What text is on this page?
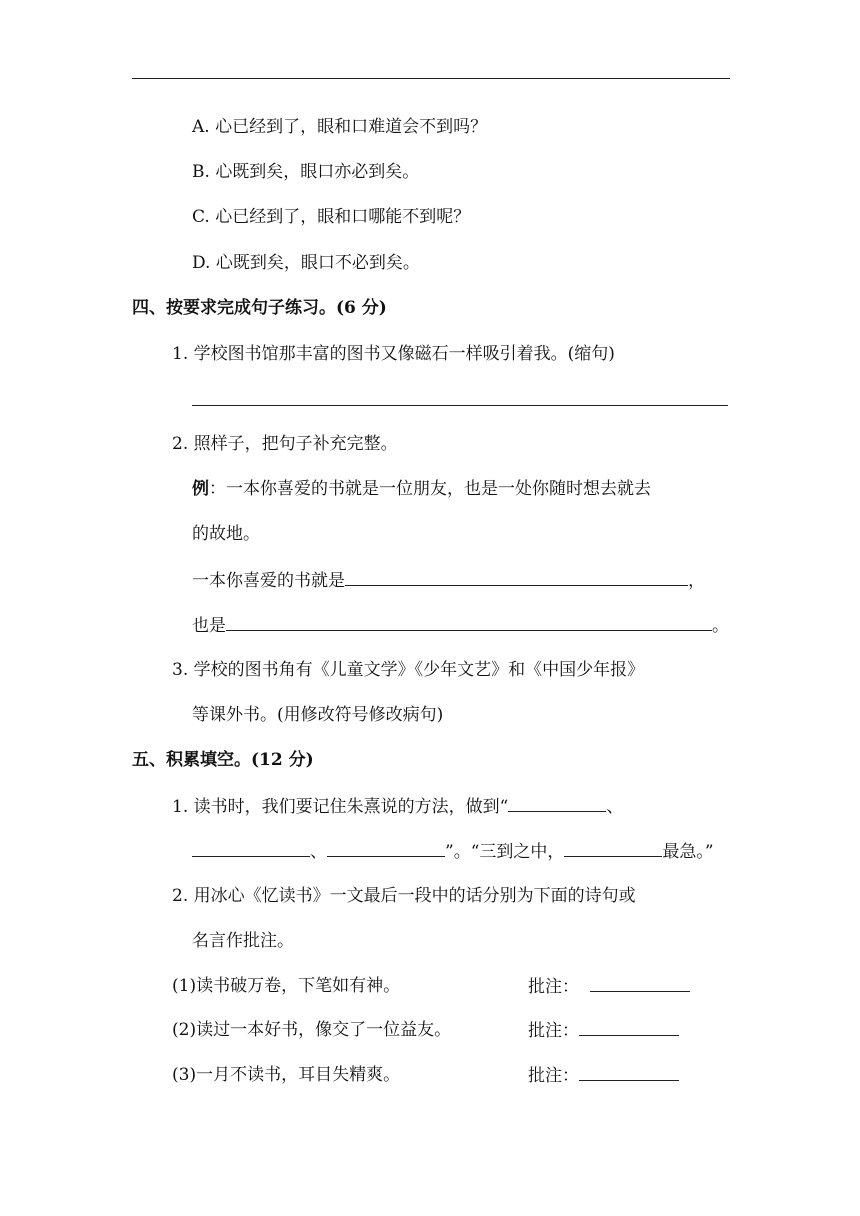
A. 心已经到了，眼和口难道会不到吗？
B. 心既到矣，眼口亦必到矣。
C. 心已经到了，眼和口哪能不到呢？
D. 心既到矣，眼口不必到矣。
四、按要求完成句子练习。(6 分)
1. 学校图书馆那丰富的图书又像磁石一样吸引着我。(缩句)
2. 照样子，把句子补充完整。
例：一本你喜爱的书就是一位朋友，也是一处你随时想去就去
的故地。
一本你喜爱的书就是	，
也是	。
3. 学校的图书角有《儿童文学》《少年文艺》和《中国少年报》
等课外书。(用修改符号修改病句)
五、积累填空。(12 分)
1. 读书时，我们要记住朱熹说的方法，做到“	、
、	”。“三到之中，	最急。”
2. 用冰心《忆读书》一文最后一段中的话分别为下面的诗句或
名言作批注。
(1)读书破万卷，下笔如有神。	批注：
(2)读过一本好书，像交了一位益友。	批注：
(3)一月不读书，耳目失精爽。	批注：
